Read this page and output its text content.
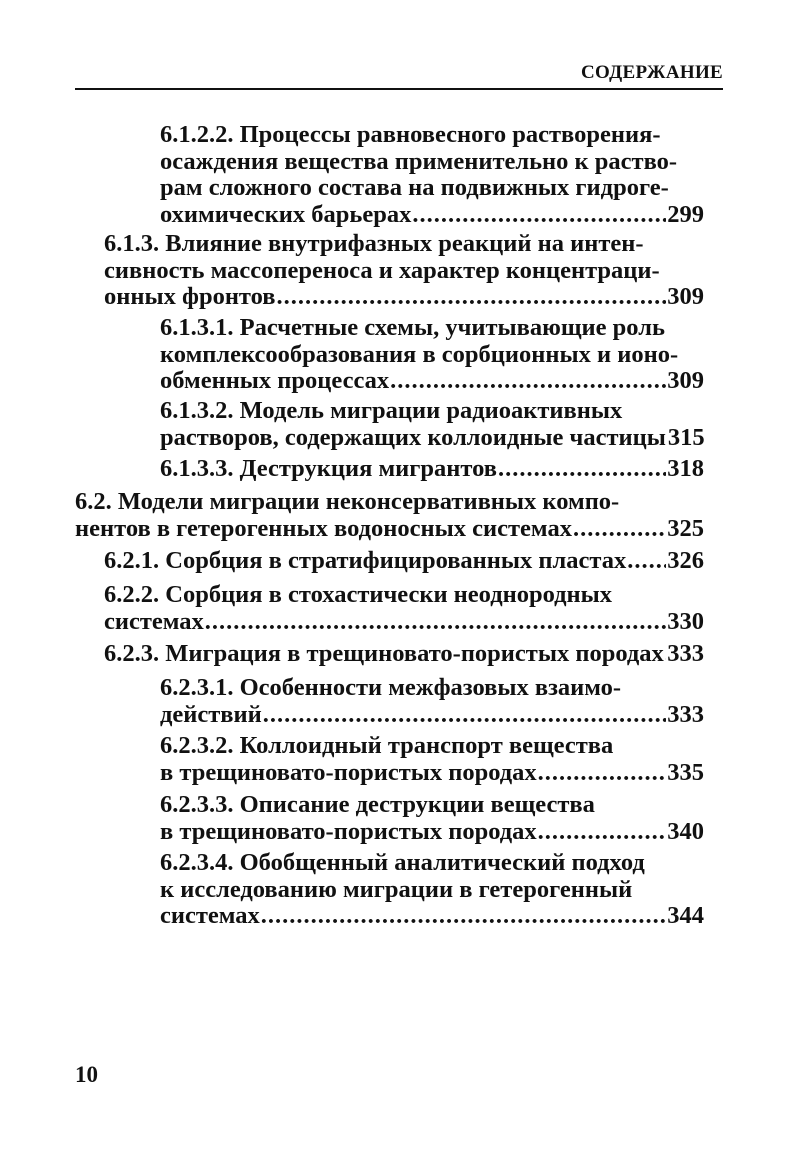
СОДЕРЖАНИЕ
6.1.2.2. Процессы равновесного растворения-
осаждения вещества применительно к раство-
рам сложного состава на подвижных гидроге-
охимических барьерах .....	299
6.1.3. Влияние внутрифазных реакций на интен-
сивность массопереноса и характер концентраци-
онных фронтов .....	309
6.1.3.1. Расчетные схемы, учитывающие роль
комплексообразования в сорбционных и ионо-
обменных процессах .....	309
6.1.3.2. Модель миграции радиоактивных
растворов, содержащих коллоидные частицы 315
6.1.3.3. Деструкция мигрантов .....	318
6.2. Модели миграции неконсервативных компо-
нентов в гетерогенных водоносных системах .....	325
6.2.1. Сорбция в стратифицированных пластах ..... 326
6.2.2. Сорбция в стохастически неоднородных
системах .....	330
6.2.3. Миграция в трещиновато-пористых породах ..... 333
6.2.3.1. Особенности межфазовых взаимо-
действий .....	333
6.2.3.2. Коллоидный транспорт вещества
в трещиновато-пористых породах .....	335
6.2.3.3. Описание деструкции вещества
в трещиновато-пористых породах .....	340
6.2.3.4. Обобщенный аналитический подход
к исследованию миграции в гетерогенный
системах .....	344
10
